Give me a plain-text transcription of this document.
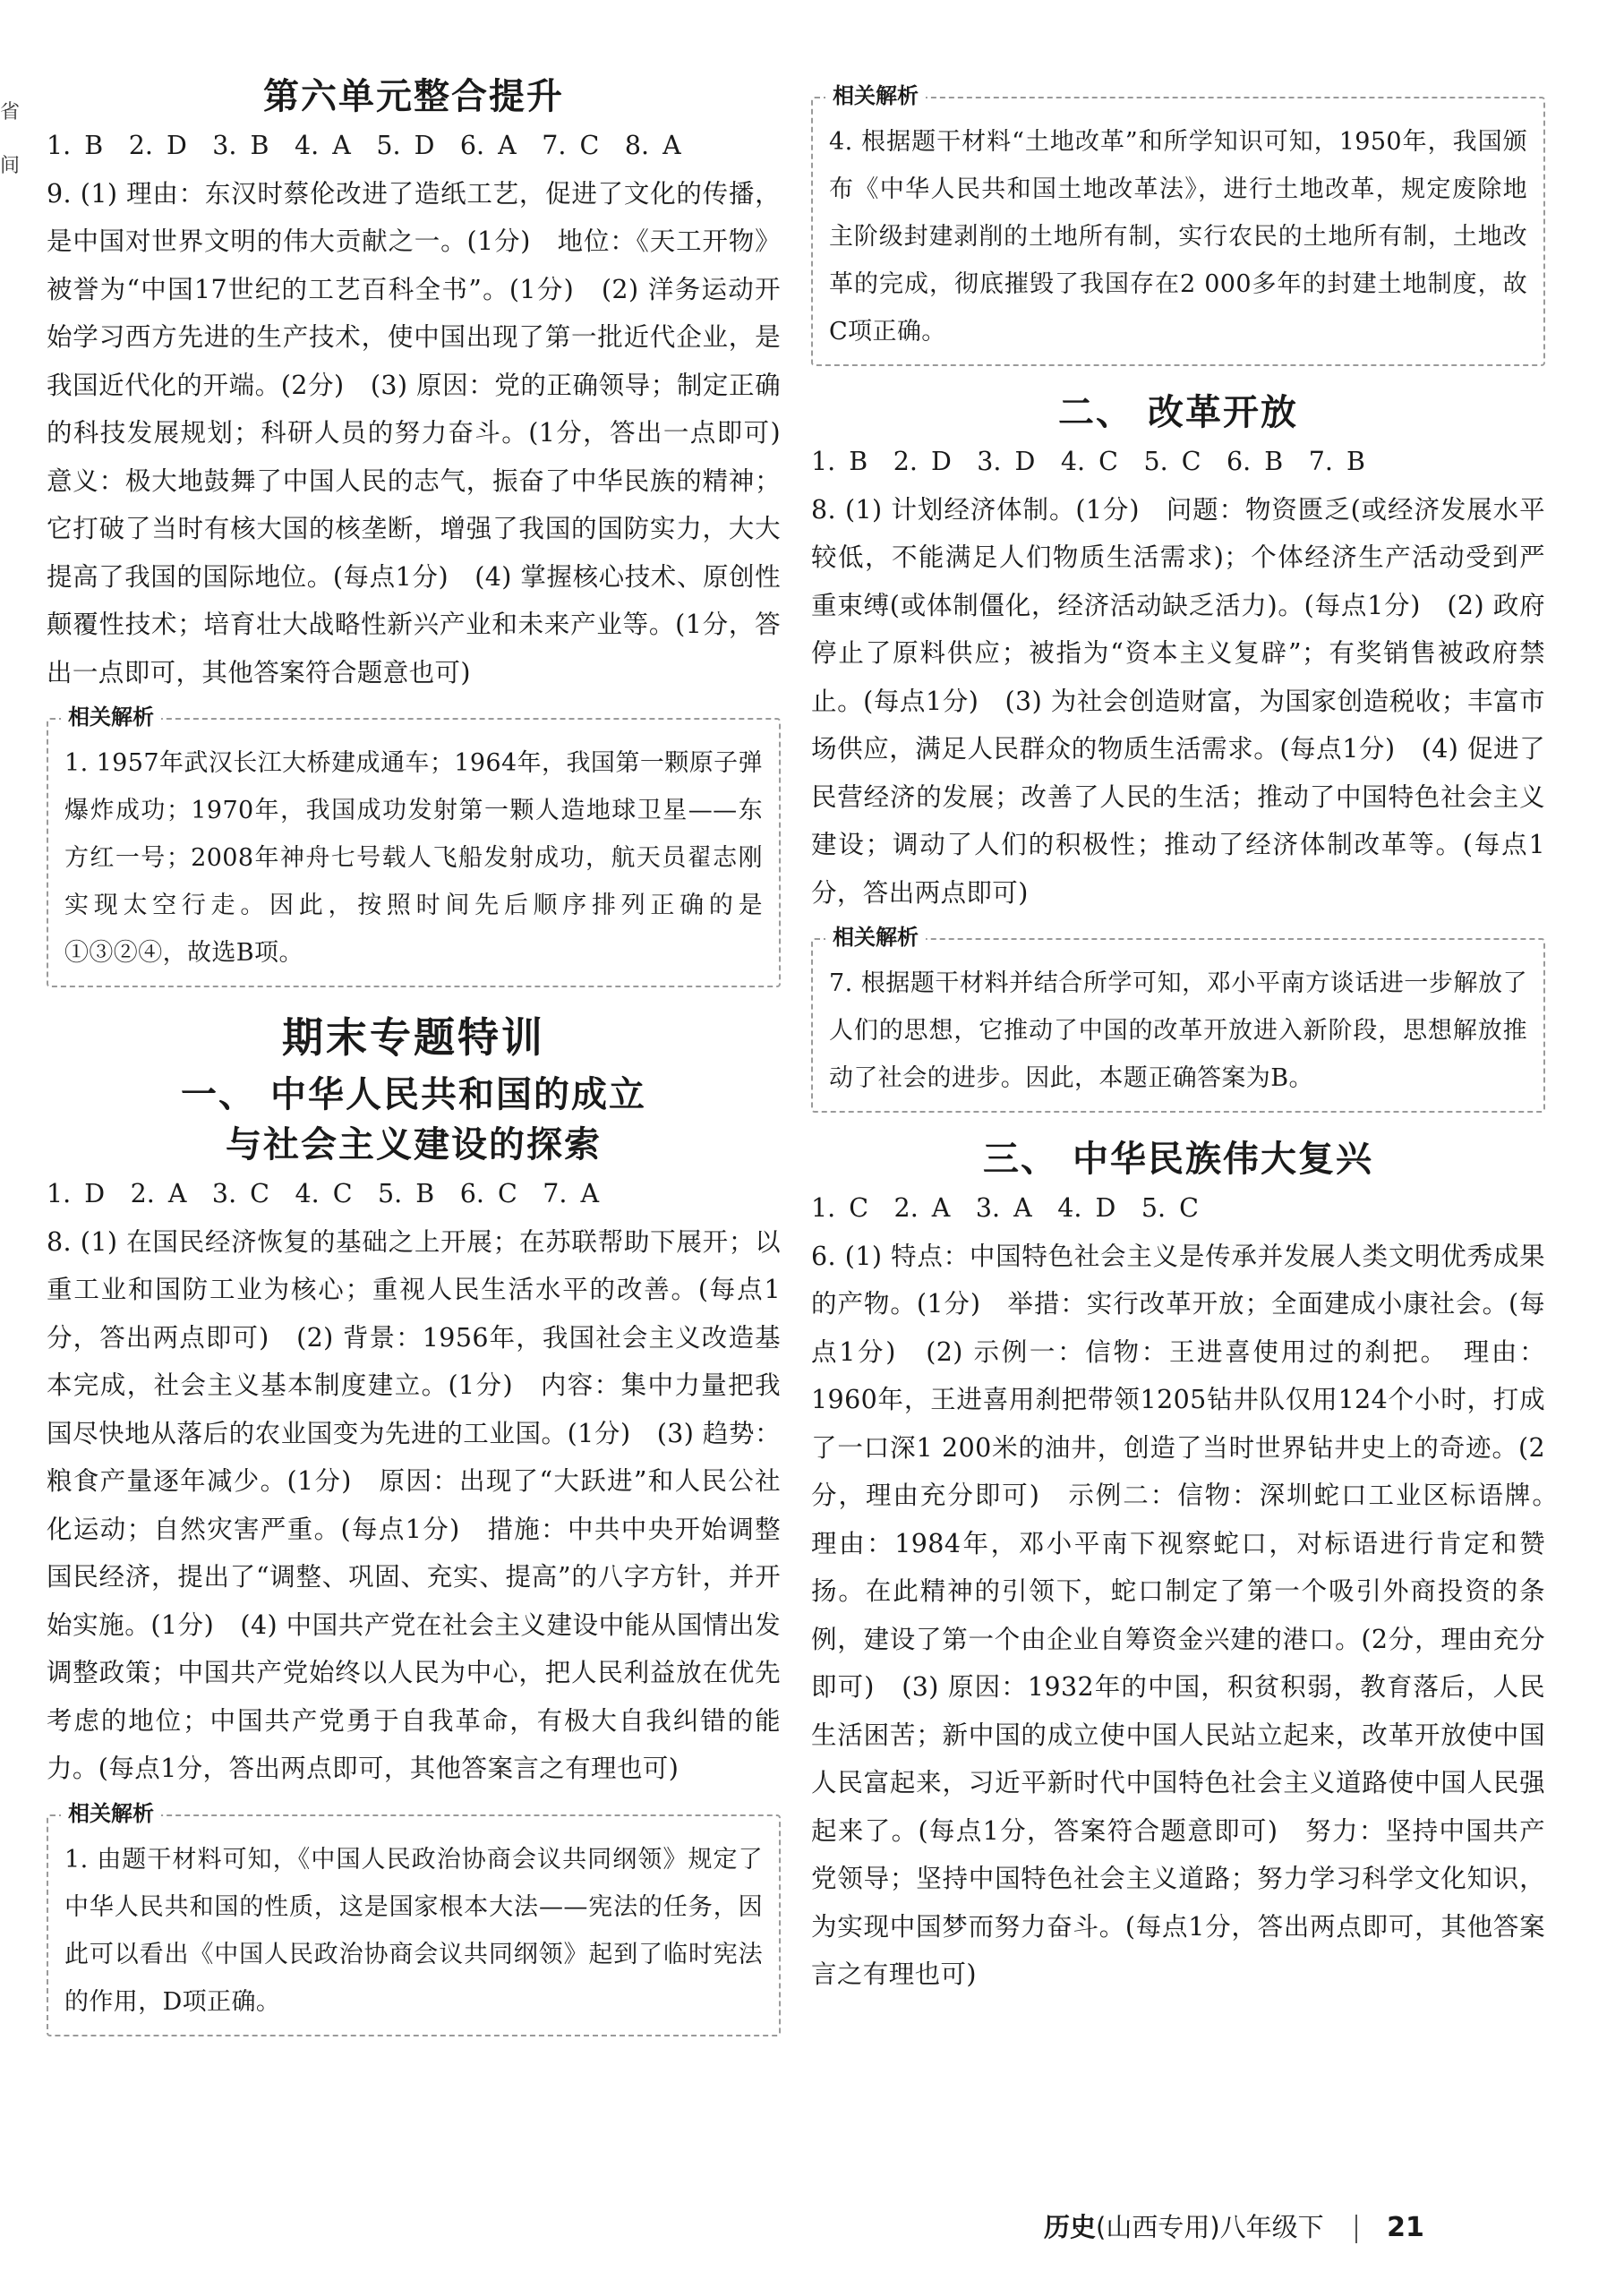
省
间
第六单元整合提升

1. B　2. D　3. B　4. A　5. D　6. A　7. C　8. A

9. (1) 理由：东汉时蔡伦改进了造纸工艺，促进了文化的传播，是中国对世界文明的伟大贡献之一。(1分)　地位：《天工开物》被誉为“中国17世纪的工艺百科全书”。(1分)　(2) 洋务运动开始学习西方先进的生产技术，使中国出现了第一批近代企业，是我国近代化的开端。(2分)　(3) 原因：党的正确领导；制定正确的科技发展规划；科研人员的努力奋斗。(1分，答出一点即可)　意义：极大地鼓舞了中国人民的志气，振奋了中华民族的精神；它打破了当时有核大国的核垄断，增强了我国的国防实力，大大提高了我国的国际地位。(每点1分)　(4) 掌握核心技术、原创性颠覆性技术；培育壮大战略性新兴产业和未来产业等。(1分，答出一点即可，其他答案符合题意也可)

相关解析

1. 1957年武汉长江大桥建成通车；1964年，我国第一颗原子弹爆炸成功；1970年，我国成功发射第一颗人造地球卫星——东方红一号；2008年神舟七号载人飞船发射成功，航天员翟志刚实现太空行走。因此，按照时间先后顺序排列正确的是①③②④，故选B项。

期末专题特训
一、 中华人民共和国的成立
与社会主义建设的探索

1. D　2. A　3. C　4. C　5. B　6. C　7. A

8. (1) 在国民经济恢复的基础之上开展；在苏联帮助下展开；以重工业和国防工业为核心；重视人民生活水平的改善。(每点1分，答出两点即可)　(2) 背景：1956年，我国社会主义改造基本完成，社会主义基本制度建立。(1分)　内容：集中力量把我国尽快地从落后的农业国变为先进的工业国。(1分)　(3) 趋势：粮食产量逐年减少。(1分)　原因：出现了“大跃进”和人民公社化运动；自然灾害严重。(每点1分)　措施：中共中央开始调整国民经济，提出了“调整、巩固、充实、提高”的八字方针，并开始实施。(1分)　(4) 中国共产党在社会主义建设中能从国情出发调整政策；中国共产党始终以人民为中心，把人民利益放在优先考虑的地位；中国共产党勇于自我革命，有极大自我纠错的能力。(每点1分，答出两点即可，其他答案言之有理也可)

相关解析

1. 由题干材料可知，《中国人民政治协商会议共同纲领》规定了中华人民共和国的性质，这是国家根本大法——宪法的任务，因此可以看出《中国人民政治协商会议共同纲领》起到了临时宪法的作用，D项正确。

相关解析

4. 根据题干材料“土地改革”和所学知识可知，1950年，我国颁布《中华人民共和国土地改革法》，进行土地改革，规定废除地主阶级封建剥削的土地所有制，实行农民的土地所有制，土地改革的完成，彻底摧毁了我国存在2 000多年的封建土地制度，故C项正确。

二、 改革开放

1. B　2. D　3. D　4. C　5. C　6. B　7. B

8. (1) 计划经济体制。(1分)　问题：物资匮乏(或经济发展水平较低，不能满足人们物质生活需求)；个体经济生产活动受到严重束缚(或体制僵化，经济活动缺乏活力)。(每点1分)　(2) 政府停止了原料供应；被指为“资本主义复辟”；有奖销售被政府禁止。(每点1分)　(3) 为社会创造财富，为国家创造税收；丰富市场供应，满足人民群众的物质生活需求。(每点1分)　(4) 促进了民营经济的发展；改善了人民的生活；推动了中国特色社会主义建设；调动了人们的积极性；推动了经济体制改革等。(每点1分，答出两点即可)

相关解析

7. 根据题干材料并结合所学可知，邓小平南方谈话进一步解放了人们的思想，它推动了中国的改革开放进入新阶段，思想解放推动了社会的进步。因此，本题正确答案为B。

三、 中华民族伟大复兴

1. C　2. A　3. A　4. D　5. C

6. (1) 特点：中国特色社会主义是传承并发展人类文明优秀成果的产物。(1分)　举措：实行改革开放；全面建成小康社会。(每点1分)　(2) 示例一：信物：王进喜使用过的刹把。　理由：1960年，王进喜用刹把带领1205钻井队仅用124个小时，打成了一口深1 200米的油井，创造了当时世界钻井史上的奇迹。(2分，理由充分即可)　示例二：信物：深圳蛇口工业区标语牌。　理由：1984年，邓小平南下视察蛇口，对标语进行肯定和赞扬。在此精神的引领下，蛇口制定了第一个吸引外商投资的条例，建设了第一个由企业自筹资金兴建的港口。(2分，理由充分即可)　(3) 原因：1932年的中国，积贫积弱，教育落后，人民生活困苦；新中国的成立使中国人民站立起来，改革开放使中国人民富起来，习近平新时代中国特色社会主义道路使中国人民强起来了。(每点1分，答案符合题意即可)　努力：坚持中国共产党领导；坚持中国特色社会主义道路；努力学习科学文化知识，为实现中国梦而努力奋斗。(每点1分，答出两点即可，其他答案言之有理也可)

历史(山西专用)八年级下 21
